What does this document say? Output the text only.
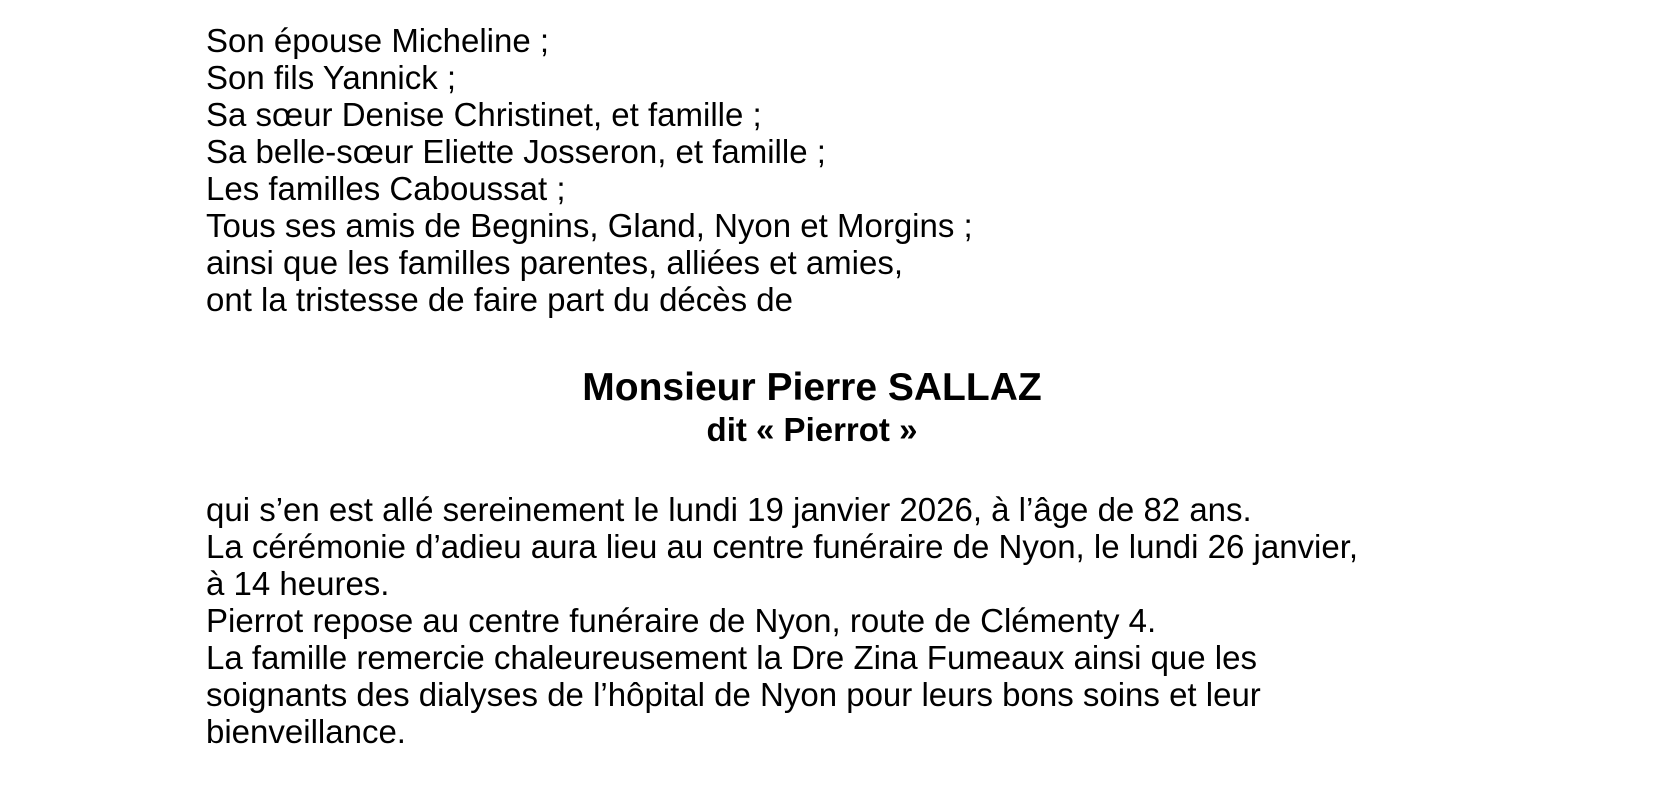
Son épouse Micheline ;

Son fils Yannick ;

Sa sœur Denise Christinet, et famille ;

Sa belle-sœur Eliette Josseron, et famille ;

Les familles Caboussat ;

Tous ses amis de Begnins, Gland, Nyon et Morgins ;

ainsi que les familles parentes, alliées et amies,

ont la tristesse de faire part du décès de

Monsieur Pierre SALLAZ
dit « Pierrot »

qui s’en est allé sereinement le lundi 19 janvier 2026, à l’âge de 82 ans.

La cérémonie d’adieu aura lieu au centre funéraire de Nyon, le lundi 26 janvier,

à 14 heures.

Pierrot repose au centre funéraire de Nyon, route de Clémenty 4.

La famille remercie chaleureusement la Dre Zina Fumeaux ainsi que les

soignants des dialyses de l’hôpital de Nyon pour leurs bons soins et leur

bienveillance.
